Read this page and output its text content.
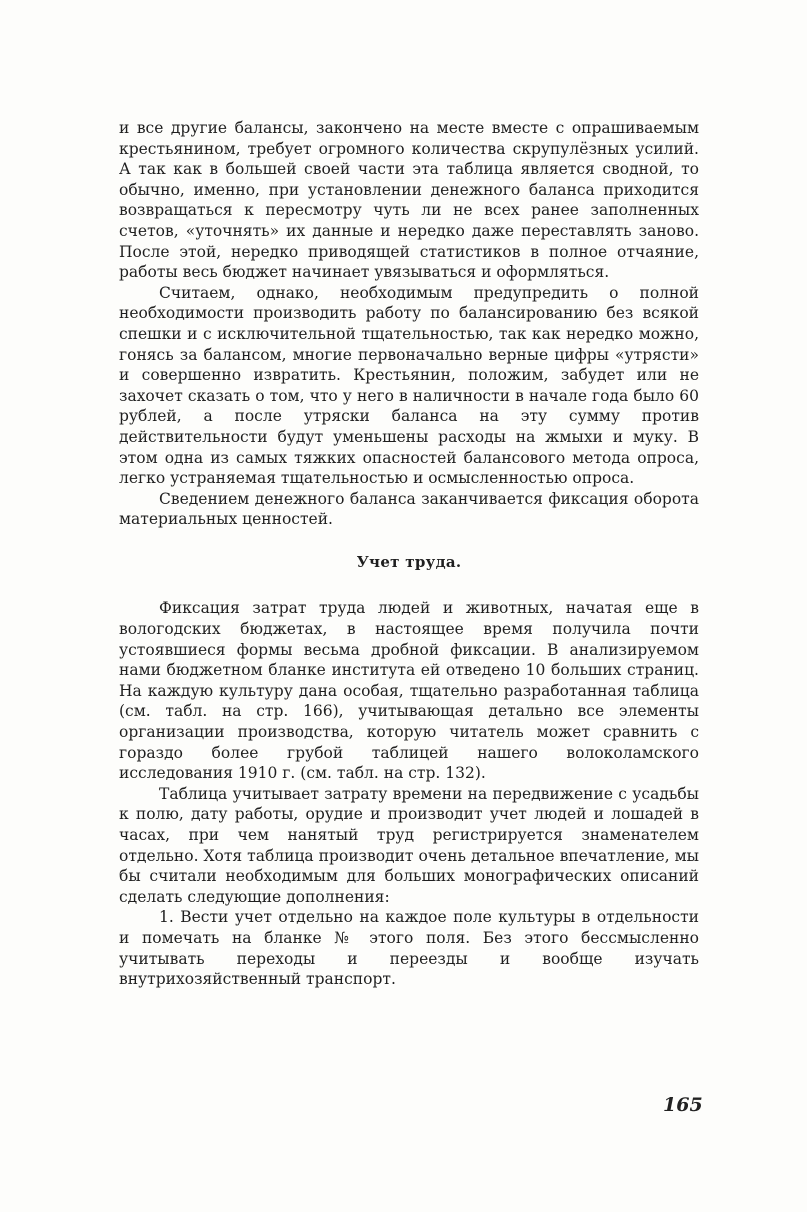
и все другие балансы, закончено на месте вместе с опрашиваемым крестьянином, требует огромного количества скрупулёзных усилий. А так как в большей своей части эта таблица является сводной, то обычно, именно, при установлении денежного баланса приходится возвращаться к пересмотру чуть ли не всех ранее заполненных счетов, «уточнять» их данные и нередко даже переставлять заново. После этой, нередко приводящей статистиков в полное отчаяние, работы весь бюджет начинает увязываться и оформляться.

Считаем, однако, необходимым предупредить о полной необходимости производить работу по балансированию без всякой спешки и с исключительной тщательностью, так как нередко можно, гонясь за балансом, многие первоначально верные цифры «утрясти» и совершенно извратить. Крестьянин, положим, забудет или не захочет сказать о том, что у него в наличности в начале года было 60 рублей, а после утряски баланса на эту сумму против действительности будут уменьшены расходы на жмыхи и муку. В этом одна из самых тяжких опасностей балансового метода опроса, легко устраняемая тщательностью и осмысленностью опроса.

Сведением денежного баланса заканчивается фиксация оборота материальных ценностей.

Учет труда.

Фиксация затрат труда людей и животных, начатая еще в вологодских бюджетах, в настоящее время получила почти устоявшиеся формы весьма дробной фиксации. В анализируемом нами бюджетном бланке института ей отведено 10 больших страниц. На каждую культуру дана особая, тщательно разработанная таблица (см. табл. на стр. 166), учитывающая детально все элементы организации производства, которую читатель может сравнить с гораздо более грубой таблицей нашего волоколамского исследования 1910 г. (см. табл. на стр. 132).

Таблица учитывает затрату времени на передвижение с усадьбы к полю, дату работы, орудие и производит учет людей и лошадей в часах, при чем нанятый труд регистрируется знаменателем отдельно. Хотя таблица производит очень детальное впечатление, мы бы считали необходимым для больших монографических описаний сделать следующие дополнения:

1. Вести учет отдельно на каждое поле культуры в отдельности и помечать на бланке № этого поля. Без этого бессмысленно учитывать переходы и переезды и вообще изучать внутрихозяйственный транспорт.

165
